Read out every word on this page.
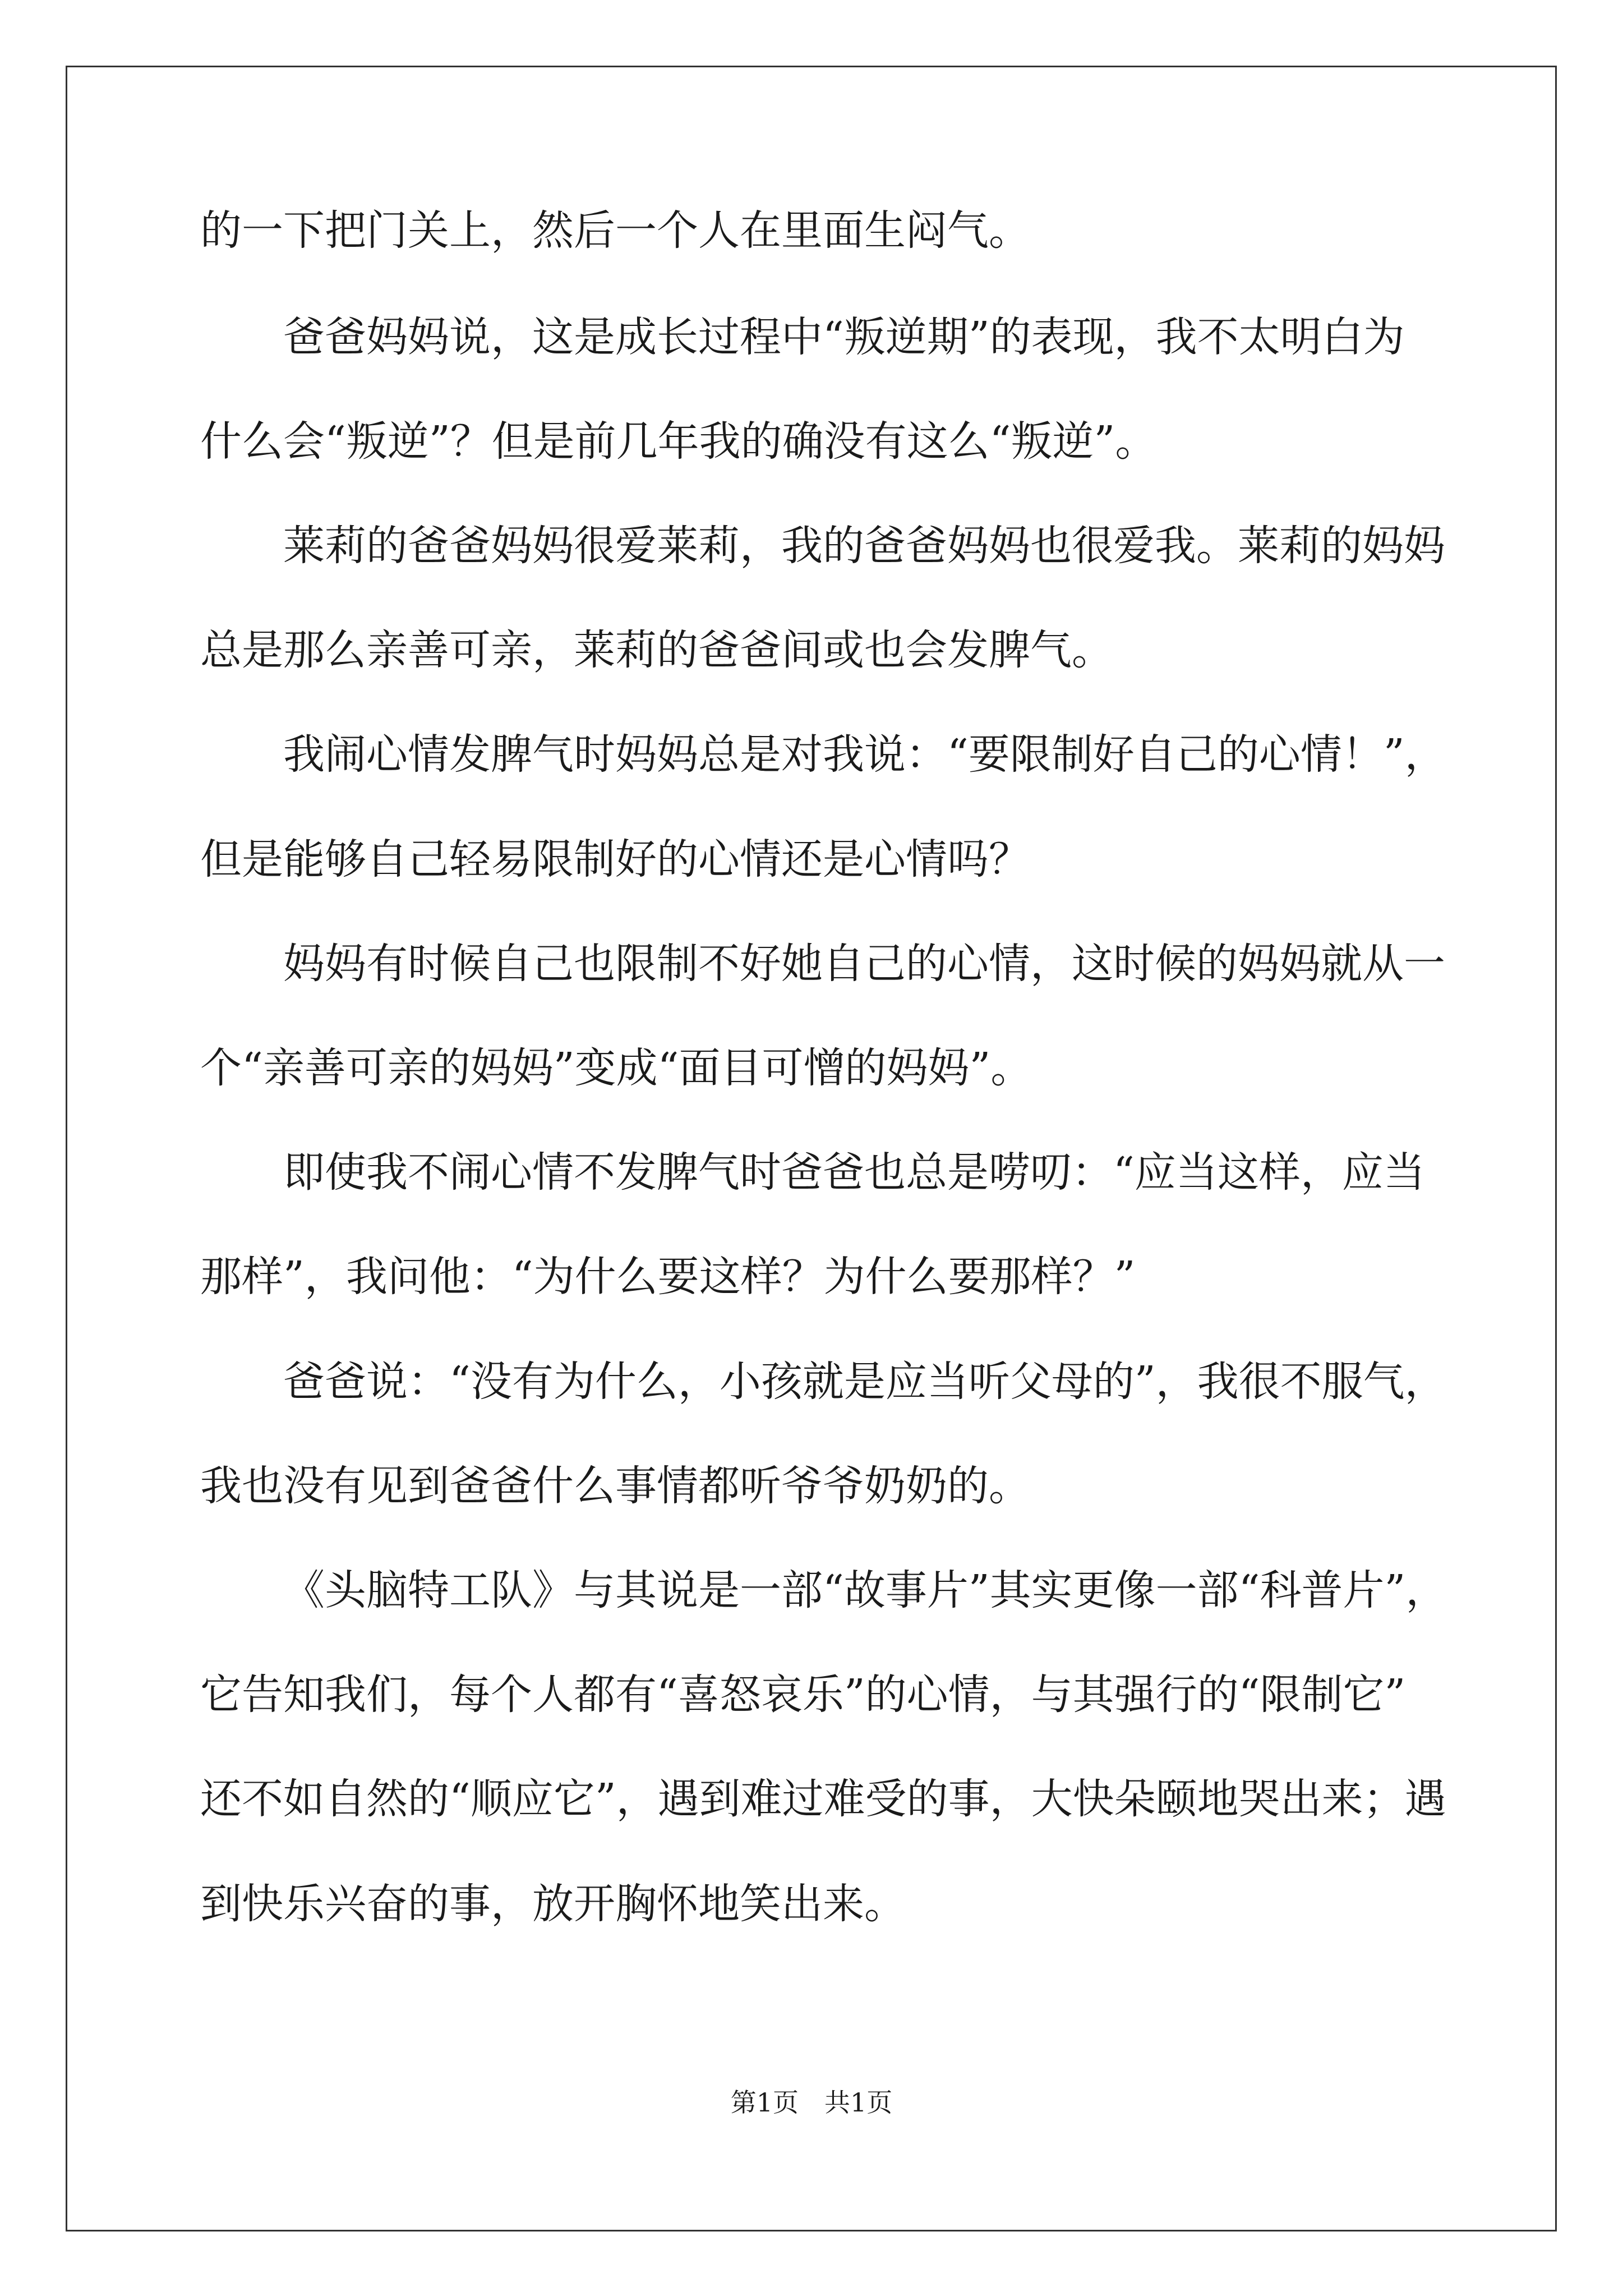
的一下把门关上，然后一个人在里面生闷气。
爸爸妈妈说，这是成长过程中“叛逆期”的表现，我不太明白为
什么会“叛逆”？但是前几年我的确没有这么“叛逆”。
莱莉的爸爸妈妈很爱莱莉，我的爸爸妈妈也很爱我。莱莉的妈妈
总是那么亲善可亲，莱莉的爸爸间或也会发脾气。
我闹心情发脾气时妈妈总是对我说：“要限制好自己的心情！”，
但是能够自己轻易限制好的心情还是心情吗？
妈妈有时候自己也限制不好她自己的心情，这时候的妈妈就从一
个“亲善可亲的妈妈”变成“面目可憎的妈妈”。
即使我不闹心情不发脾气时爸爸也总是唠叨：“应当这样，应当
那样”，我问他：“为什么要这样？为什么要那样？”
爸爸说：“没有为什么，小孩就是应当听父母的”，我很不服气，
我也没有见到爸爸什么事情都听爷爷奶奶的。
《头脑特工队》与其说是一部“故事片”其实更像一部“科普片”，
它告知我们，每个人都有“喜怒哀乐”的心情，与其强行的“限制它”
还不如自然的“顺应它”，遇到难过难受的事，大快朵颐地哭出来；遇
到快乐兴奋的事，放开胸怀地笑出来。
第1页　共1页
